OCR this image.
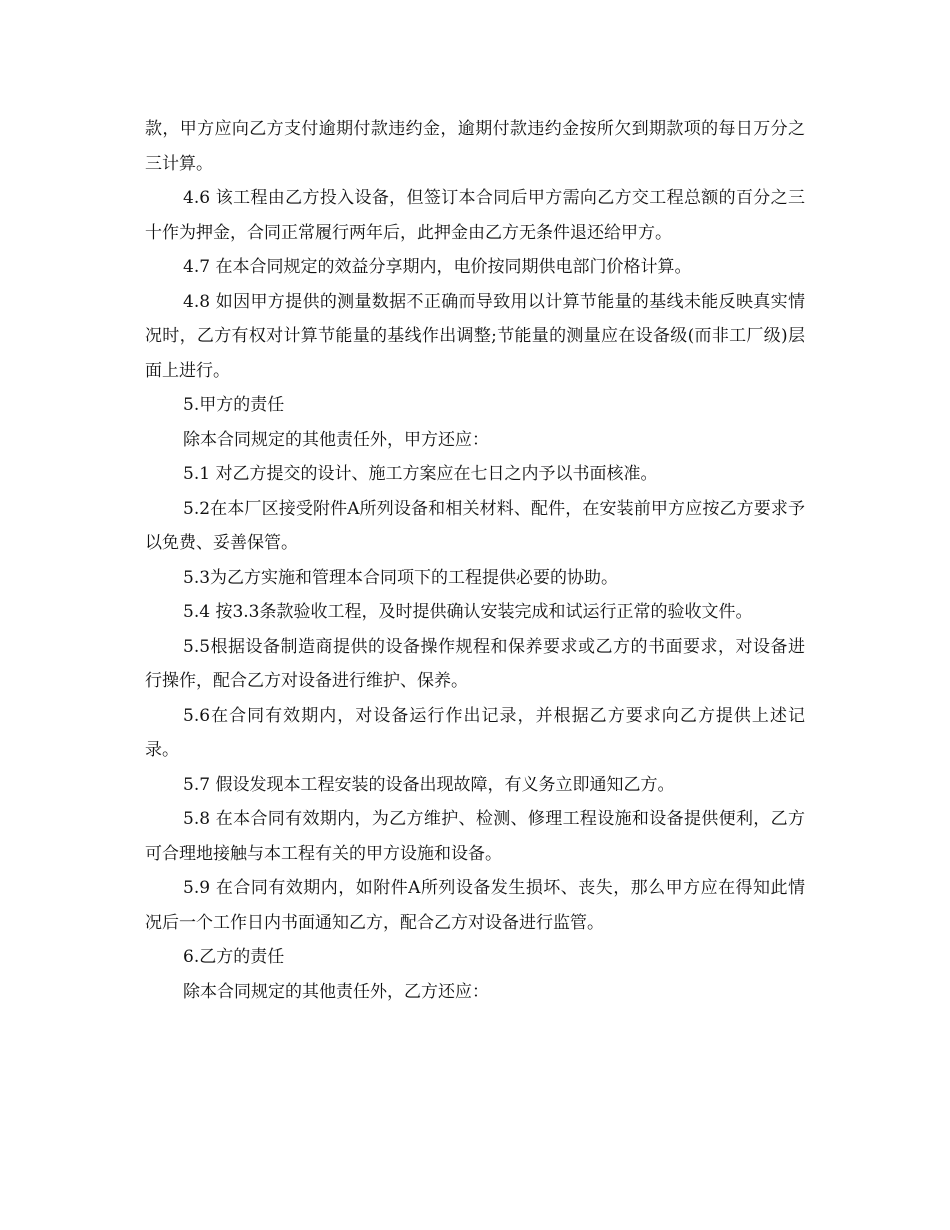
款，甲方应向乙方支付逾期付款违约金，逾期付款违约金按所欠到期款项的每日万分之三计算。

4.6 该工程由乙方投入设备，但签订本合同后甲方需向乙方交工程总额的百分之三十作为押金，合同正常履行两年后，此押金由乙方无条件退还给甲方。

4.7 在本合同规定的效益分享期内，电价按同期供电部门价格计算。

4.8 如因甲方提供的测量数据不正确而导致用以计算节能量的基线未能反映真实情况时，乙方有权对计算节能量的基线作出调整;节能量的测量应在设备级(而非工厂级)层面上进行。

5.甲方的责任

除本合同规定的其他责任外，甲方还应：

5.1 对乙方提交的设计、施工方案应在七日之内予以书面核准。

5.2在本厂区接受附件A所列设备和相关材料、配件，在安装前甲方应按乙方要求予以免费、妥善保管。

5.3为乙方实施和管理本合同项下的工程提供必要的协助。

5.4 按3.3条款验收工程，及时提供确认安装完成和试运行正常的验收文件。

5.5根据设备制造商提供的设备操作规程和保养要求或乙方的书面要求，对设备进行操作，配合乙方对设备进行维护、保养。

5.6在合同有效期内，对设备运行作出记录，并根据乙方要求向乙方提供上述记录。

5.7 假设发现本工程安装的设备出现故障，有义务立即通知乙方。

5.8 在本合同有效期内，为乙方维护、检测、修理工程设施和设备提供便利，乙方可合理地接触与本工程有关的甲方设施和设备。

5.9 在合同有效期内，如附件A所列设备发生损坏、丧失，那么甲方应在得知此情况后一个工作日内书面通知乙方，配合乙方对设备进行监管。

6.乙方的责任

除本合同规定的其他责任外，乙方还应：
